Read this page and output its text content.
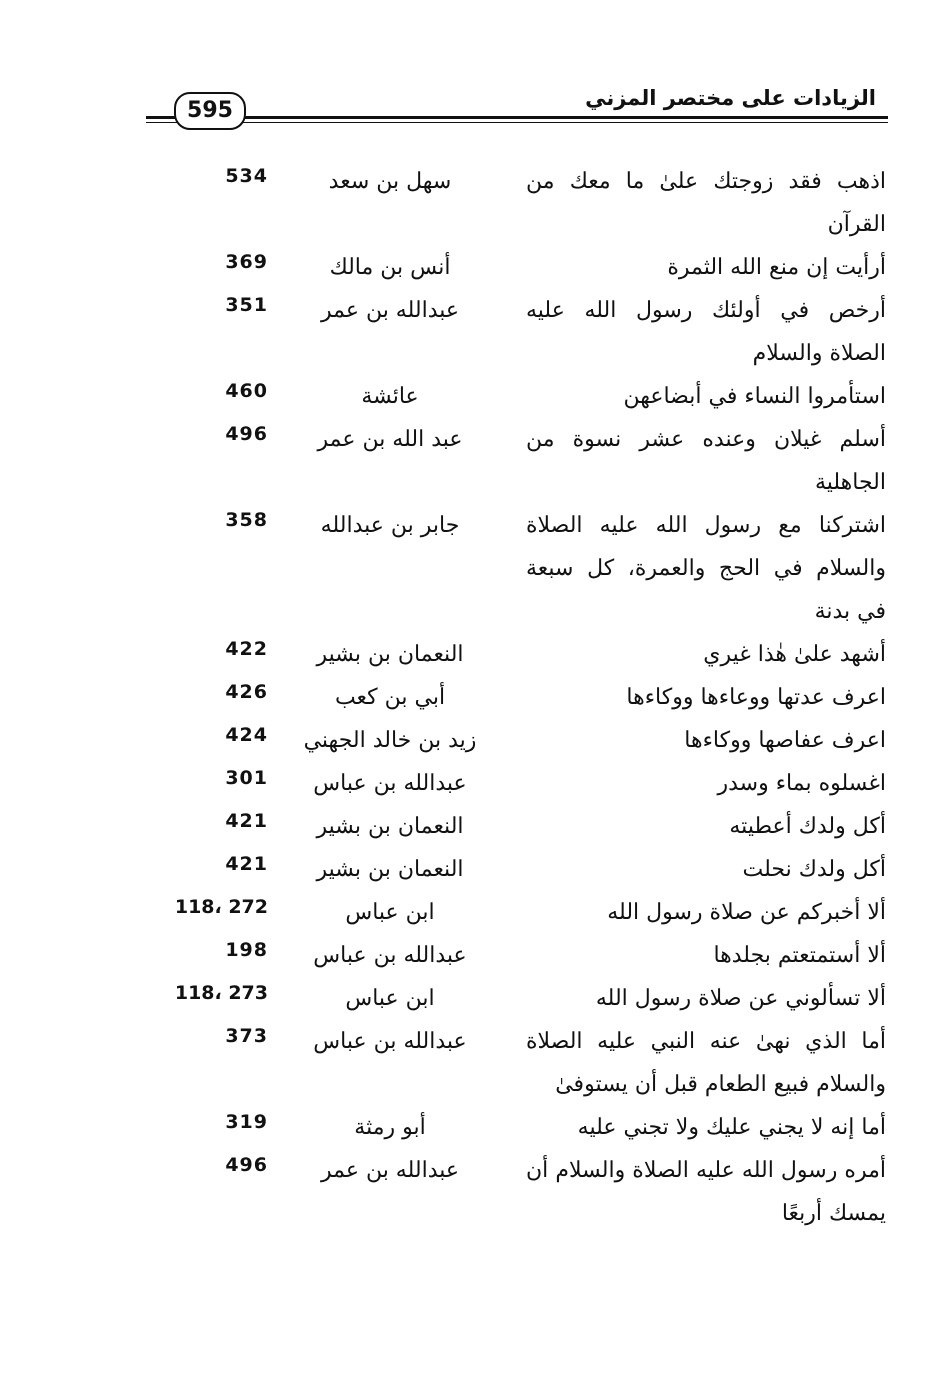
595	الزيادات على مختصر المزني
اذهب فقد زوجتك علىٰ ما معك من القرآن
سهل بن سعد
534
أرأيت إن منع الله الثمرة
أنس بن مالك
369
أرخص في أولئك رسول الله عليه الصلاة والسلام
عبدالله بن عمر
351
استأمروا النساء في أبضاعهن
عائشة
460
أسلم غيلان وعنده عشر نسوة من الجاهلية
عبد الله بن عمر
496
اشتركنا مع رسول الله عليه الصلاة والسلام في الحج والعمرة، كل سبعة في بدنة
جابر بن عبدالله
358
أشهد علىٰ هٰذا غيري
النعمان بن بشير
422
اعرف عدتها ووعاءها ووكاءها
أبي بن كعب
426
اعرف عفاصها ووكاءها
زيد بن خالد الجهني
424
اغسلوه بماء وسدر
عبدالله بن عباس
301
أكل ولدك أعطيته
النعمان بن بشير
421
أكل ولدك نحلت
النعمان بن بشير
421
ألا أخبركم عن صلاة رسول الله
ابن عباس
118، 272
ألا أستمتعتم بجلدها
عبدالله بن عباس
198
ألا تسألوني عن صلاة رسول الله
ابن عباس
118، 273
أما الذي نهىٰ عنه النبي عليه الصلاة والسلام فبيع الطعام قبل أن يستوفىٰ
عبدالله بن عباس
373
أما إنه لا يجني عليك ولا تجني عليه
أبو رمثة
319
أمره رسول الله عليه الصلاة والسلام أن يمسك أربعًا
عبدالله بن عمر
496
